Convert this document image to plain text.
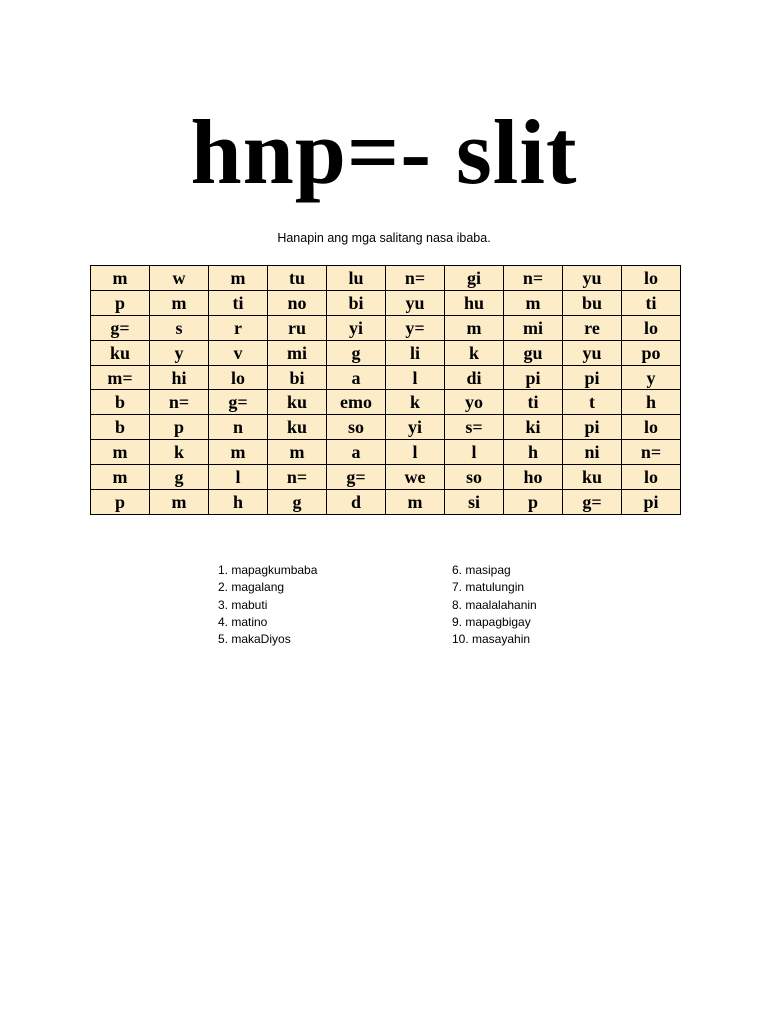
hnp=- slit
Hanapin ang mga salitang nasa ibaba.
m	w	m	tu	lu	n=	gi	n=	yu	lo
p	m	ti	no	bi	yu	hu	m	bu	ti
g=	s	r	ru	yi	y=	m	mi	re	lo
ku	y	v	mi	g	li	k	gu	yu	po
m=	hi	lo	bi	a	l	di	pi	pi	y
b	n=	g=	ku	emo	k	yo	ti	t	h
b	p	n	ku	so	yi	s=	ki	pi	lo
m	k	m	m	a	l	l	h	ni	n=
m	g	l	n=	g=	we	so	ho	ku	lo
p	m	h	g	d	m	si	p	g=	pi
1. mapagkumbaba
2. magalang
3. mabuti
4. matino
5. makaDiyos
6. masipag
7. matulungin
8. maalalahanin
9. mapagbigay
10. masayahin
